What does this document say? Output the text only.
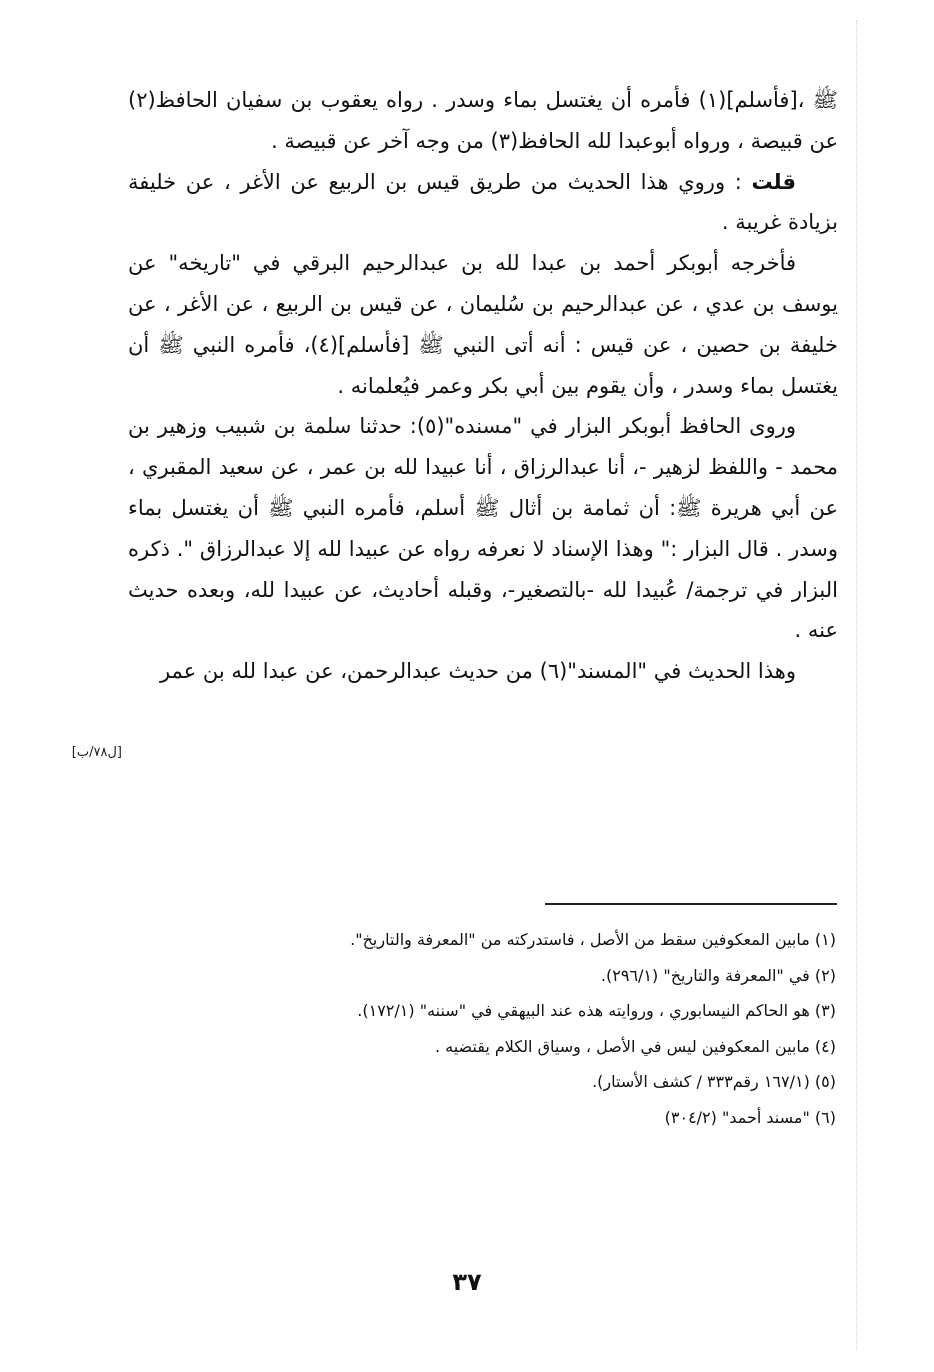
ﷺ ،[فأسلم](١) فأمره أن يغتسل بماء وسدر . رواه يعقوب بن سفيان الحافظ(٢) عن قبيصة ، ورواه أبوعبدا لله الحافظ(٣) من وجه آخر عن قبيصة .

قلت : وروي هذا الحديث من طريق قيس بن الربيع عن الأغر ، عن خليفة بزيادة غريبة .

فأخرجه أبوبكر أحمد بن عبدا لله بن عبدالرحيم البرقي في "تاريخه" عن يوسف بن عدي ، عن عبدالرحيم بن سُليمان ، عن قيس بن الربيع ، عن الأغر ، عن خليفة بن حصين ، عن قيس : أنه أتى النبي ﷺ [فأسلم](٤)، فأمره النبي ﷺ أن يغتسل بماء وسدر ، وأن يقوم بين أبي بكر وعمر فيُعلمانه .

وروى الحافظ أبوبكر البزار في "مسنده"(٥): حدثنا سلمة بن شبيب وزهير بن محمد - واللفظ لزهير -، أنا عبدالرزاق ، أنا عبيدا لله بن عمر ، عن سعيد المقبري ، عن أبي هريرة ﷺ: أن ثمامة بن أثال ﷺ أسلم، فأمره النبي ﷺ أن يغتسل بماء وسدر . قال البزار :" وهذا الإسناد لا نعرفه رواه عن عبيدا لله إلا عبدالرزاق ". ذكره البزار في ترجمة/ عُبيدا لله -بالتصغير-، وقبله أحاديث، عن عبيدا لله، وبعده حديث عنه .

وهذا الحديث في "المسند"(٦) من حديث عبدالرحمن، عن عبدا لله بن عمر

[ل٧٨/ب]
(١) مابين المعكوفين سقط من الأصل ، فاستدركته من "المعرفة والتاريخ".
(٢) في "المعرفة والتاريخ" (٢٩٦/١).
(٣) هو الحاكم النيسابوري ، وروايته هذه عند البيهقي في "سننه" (١٧٢/١).
(٤) مابين المعكوفين ليس في الأصل ، وسياق الكلام يقتضيه .
(٥) (١٦٧/١ رقم٣٣٣ / كشف الأستار).
(٦) "مسند أحمد" (٣٠٤/٢)
٣٧
